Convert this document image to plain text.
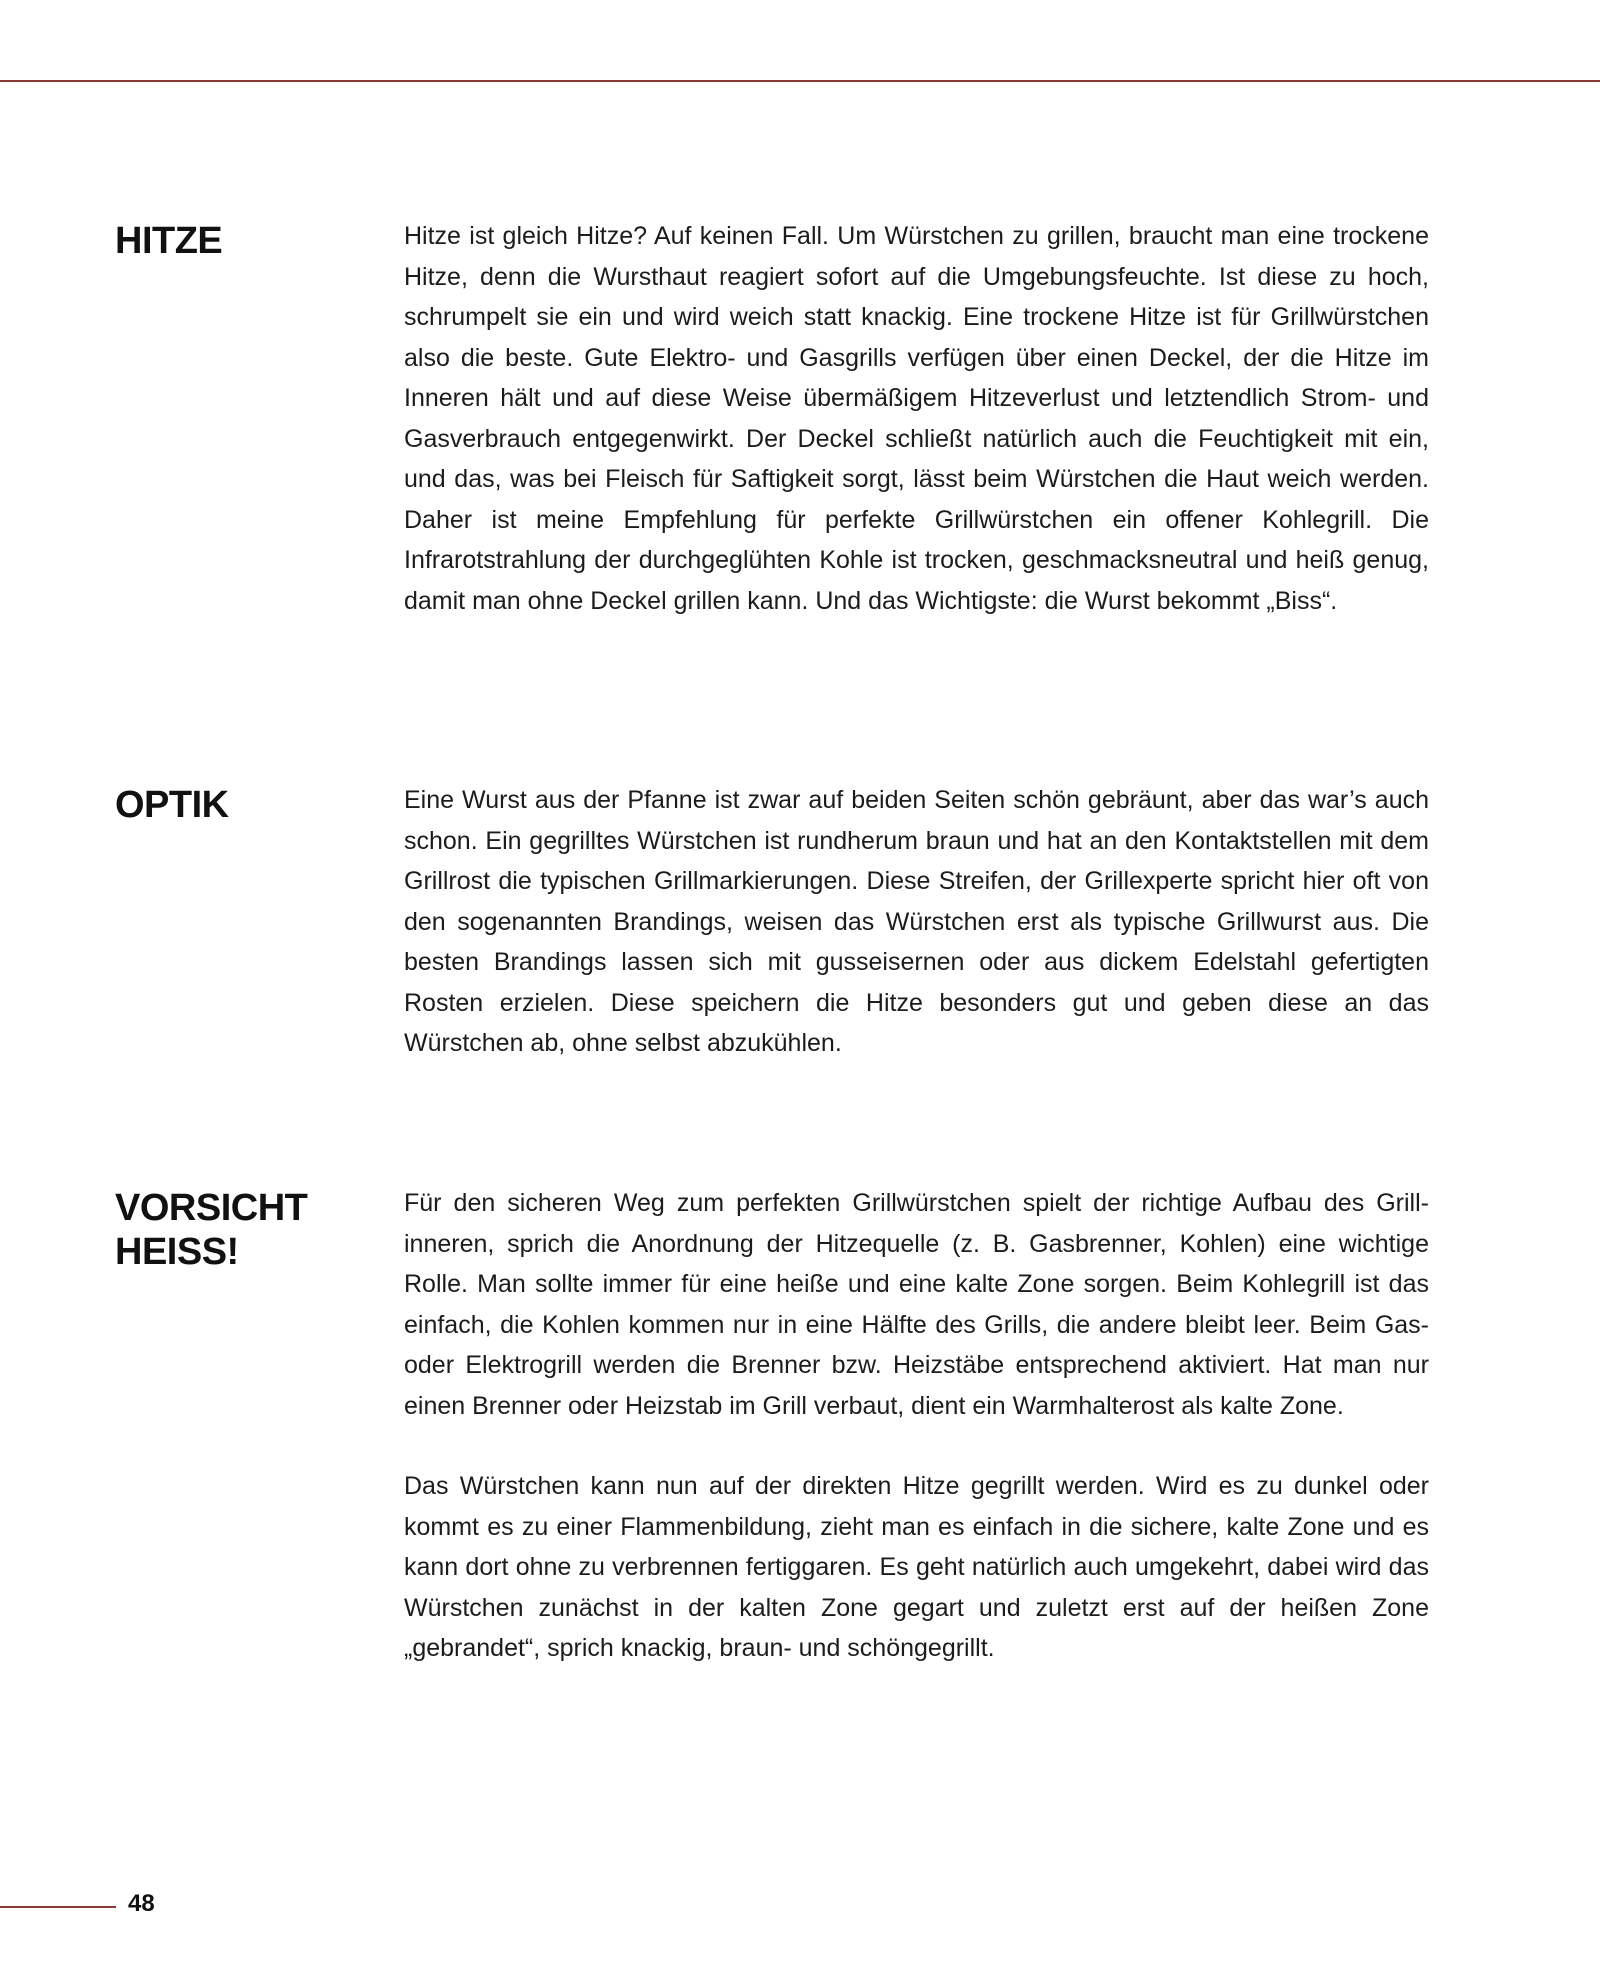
HITZE	Hitze ist gleich Hitze? Auf keinen Fall. Um Würstchen zu grillen, braucht man eine trockene Hitze, denn die Wursthaut reagiert sofort auf die Umgebungsfeuchte. Ist diese zu hoch, schrumpelt sie ein und wird weich statt knackig. Eine trockene Hitze ist für Grillwürstchen also die beste. Gute Elektro- und Gasgrills verfügen über einen Deckel, der die Hitze im Inneren hält und auf diese Weise übermäßigem Hitzeverlust und letztendlich Strom- und Gasverbrauch entgegenwirkt. Der Deckel schließt natürlich auch die Feuchtigkeit mit ein, und das, was bei Fleisch für Saftigkeit sorgt, lässt beim Würstchen die Haut weich werden. Daher ist meine Empfehlung für perfekte Grillwürstchen ein offener Kohlegrill. Die Infrarotstrahlung der durchgeglühten Kohle ist trocken, geschmacksneutral und heiß genug, damit man ohne Deckel grillen kann. Und das Wichtigste: die Wurst bekommt „Biss“.

OPTIK	Eine Wurst aus der Pfanne ist zwar auf beiden Seiten schön gebräunt, aber das war’s auch schon. Ein gegrilltes Würstchen ist rundherum braun und hat an den Kontaktstellen mit dem Grillrost die typischen Grillmarkierungen. Diese Streifen, der Grillexperte spricht hier oft von den sogenannten Brandings, weisen das Würstchen erst als typische Grillwurst aus. Die besten Brandings lassen sich mit gusseisernen oder aus dickem Edelstahl gefertigten Rosten erzielen. Diese speichern die Hitze besonders gut und geben diese an das Würstchen ab, ohne selbst abzukühlen.

VORSICHT
HEISS!

Für den sicheren Weg zum perfekten Grillwürstchen spielt der richtige Aufbau des Grillinneren, sprich die Anordnung der Hitzequelle (z. B. Gasbrenner, Kohlen) eine wichtige Rolle. Man sollte immer für eine heiße und eine kalte Zone sorgen. Beim Kohlegrill ist das einfach, die Kohlen kommen nur in eine Hälfte des Grills, die andere bleibt leer. Beim Gas- oder Elektrogrill werden die Brenner bzw. Heizstäbe entsprechend aktiviert. Hat man nur einen Brenner oder Heizstab im Grill verbaut, dient ein Warmhalterost als kalte Zone.

Das Würstchen kann nun auf der direkten Hitze gegrillt werden. Wird es zu dunkel oder kommt es zu einer Flammenbildung, zieht man es einfach in die sichere, kalte Zone und es kann dort ohne zu verbrennen fertiggaren. Es geht natürlich auch umgekehrt, dabei wird das Würstchen zunächst in der kalten Zone gegart und zuletzt erst auf der heißen Zone „gebrandet“, sprich knackig, braun- und schöngegrillt.

48
